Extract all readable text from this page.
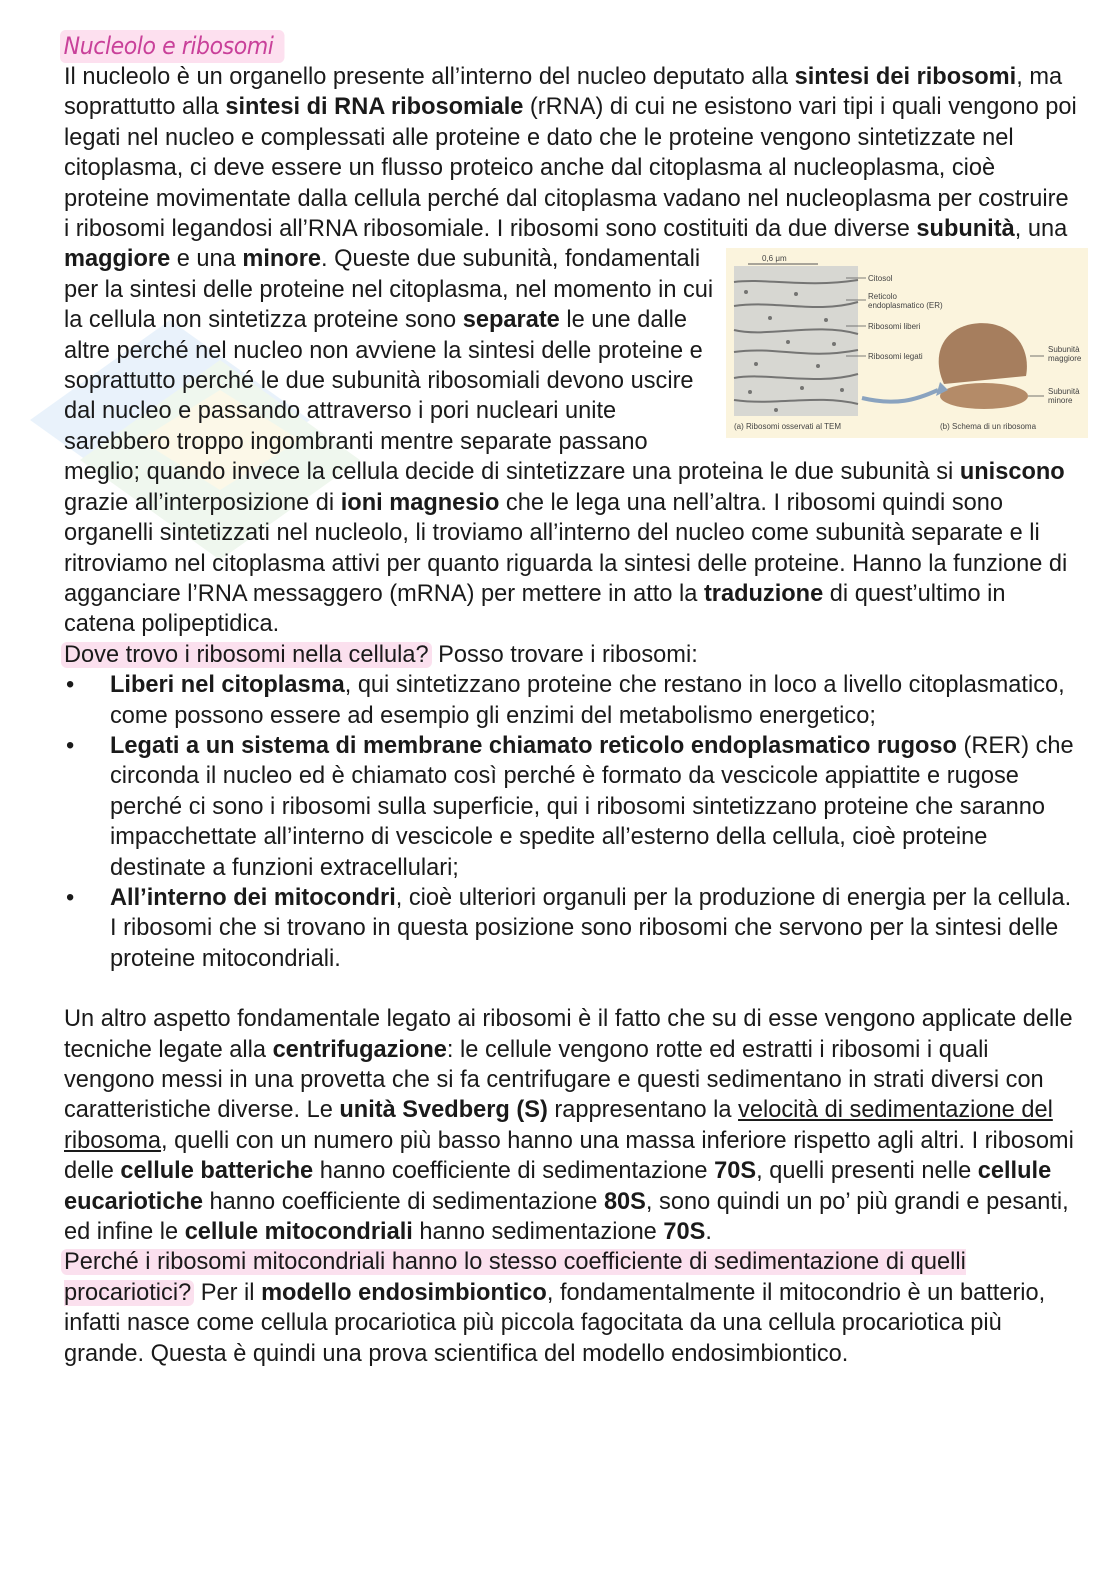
Nucleolo e ribosomi

Il nucleolo è un organello presente all’interno del nucleo deputato alla sintesi dei ribosomi, ma soprattutto alla sintesi di RNA ribosomiale (rRNA) di cui ne esistono vari tipi i quali vengono poi legati nel nucleo e complessati alle proteine e dato che le proteine vengono sintetizzate nel citoplasma, ci deve essere un flusso proteico anche dal citoplasma al nucleoplasma, cioè proteine movimentate dalla cellula perché dal citoplasma vadano nel nucleoplasma per costruire i ribosomi legandosi all’RNA ribosomiale. I ribosomi sono costituiti da due diverse subunità, una maggiore e una minore	0,6 μm
Citosol
Reticolo
endoplasmatico (ER)
Ribosomi liberi
Ribosomi legati
Subunità
maggiore
Subunità
minore
(a) Ribosomi osservati al TEM	(b) Schema di un ribosoma
. Queste due subunità, fondamentali per la sintesi delle proteine nel citoplasma, nel momento in cui la cellula non sintetizza proteine sono separate le une dalle altre perché nel nucleo non avviene la sintesi delle proteine e soprattutto perché le due subunità ribosomiali devono uscire dal nucleo e passando attraverso i pori nucleari unite sarebbero troppo ingombranti mentre separate passano meglio; quando invece la cellula decide di sintetizzare una proteina le due subunità si uniscono grazie all’interposizione di ioni magnesio che le lega una nell’altra. I ribosomi quindi sono organelli sintetizzati nel nucleolo, li troviamo all’interno del nucleo come subunità separate e li ritroviamo nel citoplasma attivi per quanto riguarda la sintesi delle proteine. Hanno la funzione di agganciare l’RNA messaggero (mRNA) per mettere in atto la traduzione di quest’ultimo in catena polipeptidica.

Dove trovo i ribosomi nella cellula? Posso trovare i ribosomi:

• Liberi nel citoplasma, qui sintetizzano proteine che restano in loco a livello citoplasmatico, come possono essere ad esempio gli enzimi del metabolismo energetico;
• Legati a un sistema di membrane chiamato reticolo endoplasmatico rugoso (RER) che circonda il nucleo ed è chiamato così perché è formato da vescicole appiattite e rugose perché ci sono i ribosomi sulla superficie, qui i ribosomi sintetizzano proteine che saranno impacchettate all’interno di vescicole e spedite all’esterno della cellula, cioè proteine destinate a funzioni extracellulari;
• All’interno dei mitocondri, cioè ulteriori organuli per la produzione di energia per la cellula. I ribosomi che si trovano in questa posizione sono ribosomi che servono per la sintesi delle proteine mitocondriali.

Un altro aspetto fondamentale legato ai ribosomi è il fatto che su di esse vengono applicate delle tecniche legate alla centrifugazione: le cellule vengono rotte ed estratti i ribosomi i quali vengono messi in una provetta che si fa centrifugare e questi sedimentano in strati diversi con caratteristiche diverse. Le unità Svedberg (S) rappresentano la velocità di sedimentazione del ribosoma, quelli con un numero più basso hanno una massa inferiore rispetto agli altri. I ribosomi delle cellule batteriche hanno coefficiente di sedimentazione 70S, quelli presenti nelle cellule eucariotiche hanno coefficiente di sedimentazione 80S, sono quindi un po’ più grandi e pesanti, ed infine le cellule mitocondriali hanno sedimentazione 70S.

Perché i ribosomi mitocondriali hanno lo stesso coefficiente di sedimentazione di quelli procariotici? Per il modello endosimbiontico, fondamentalmente il mitocondrio è un batterio, infatti nasce come cellula procariotica più piccola fagocitata da una cellula procariotica più grande. Questa è quindi una prova scientifica del modello endosimbiontico.
